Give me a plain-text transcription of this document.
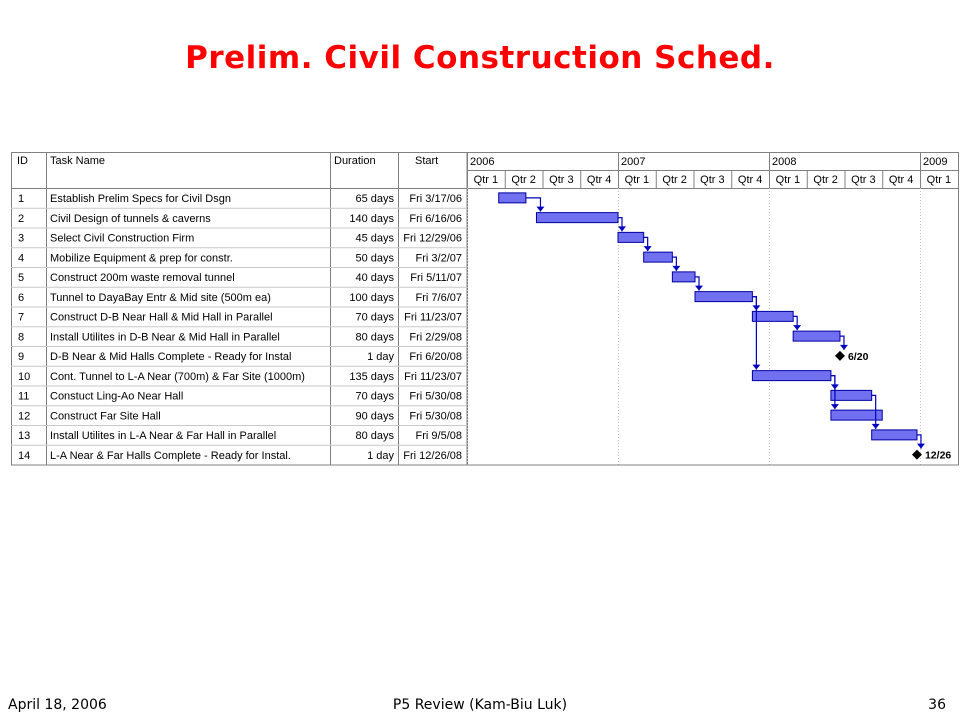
Prelim. Civil Construction Sched.
ID Task Name	Duration	Start
1 Establish Prelim Specs for Civil Dsgn	65 days Fri 3/17/06
2 Civil Design of tunnels & caverns	140 days Fri 6/16/06
3 Select Civil Construction Firm	45 days Fri 12/29/06
4 Mobilize Equipment & prep for constr.	50 days Fri 3/2/07
5 Construct 200m waste removal tunnel	40 days Fri 5/11/07
6 Tunnel to DayaBay Entr & Mid site (500m ea)	100 days Fri 7/6/07
7 Construct D-B Near Hall & Mid Hall in Parallel	70 days Fri 11/23/07
8 Install Utilites in D-B Near & Mid Hall in Parallel	80 days Fri 2/29/08
9 D-B Near & Mid Halls Complete - Ready for Instal	1 day Fri 6/20/08
10 Cont. Tunnel to L-A Near (700m) & Far Site (1000m)	135 days Fri 11/23/07
11 Constuct Ling-Ao Near Hall	70 days Fri 5/30/08
12 Construct Far Site Hall	90 days Fri 5/30/08
13 Install Utilites in L-A Near & Far Hall in Parallel	80 days Fri 9/5/08
14 L-A Near & Far Halls Complete - Ready for Instal.	1 day Fri 12/26/08
2006	2007	2008	2009
Qtr 1 Qtr 2 Qtr 3 Qtr 4 Qtr 1 Qtr 2 Qtr 3 Qtr 4 Qtr 1 Qtr 2 Qtr 3 Qtr 4 Qtr 1
6/20
12/26
April 18, 2006	P5 Review (Kam-Biu Luk)	36
